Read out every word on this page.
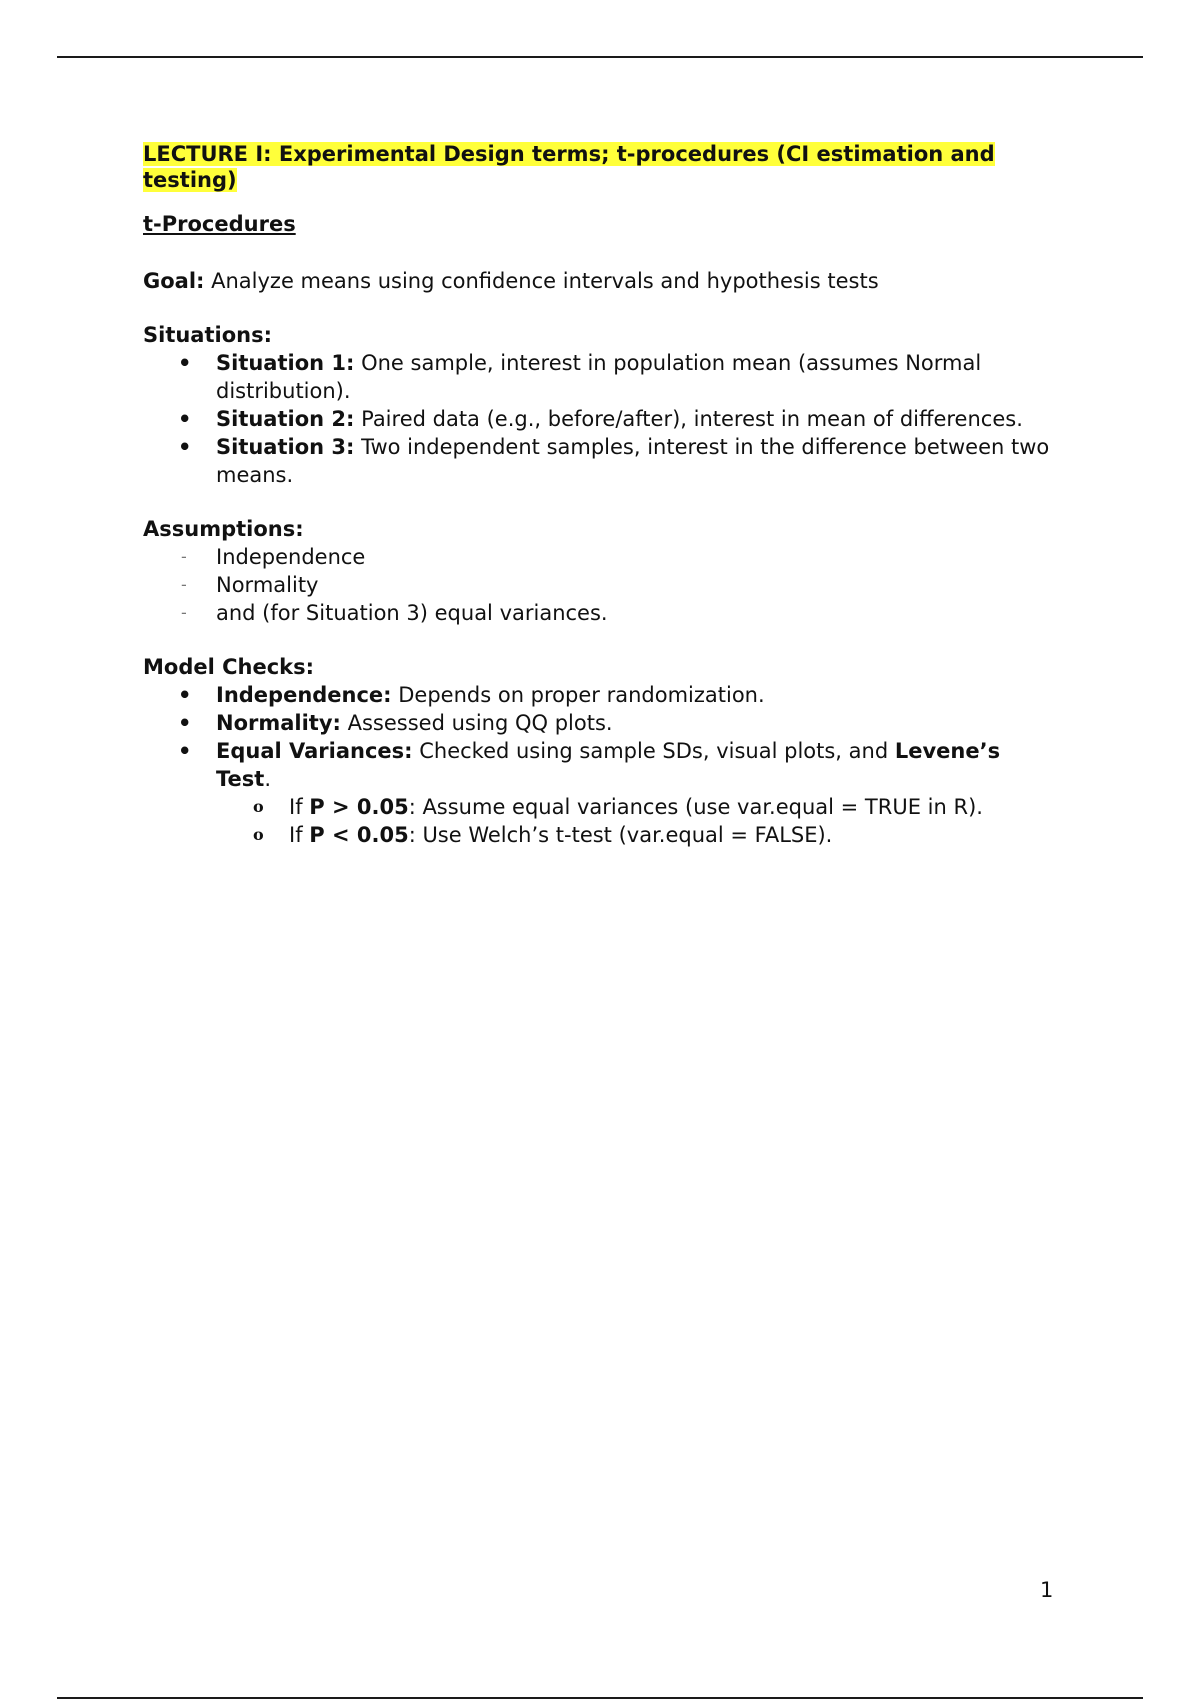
LECTURE I: Experimental Design terms; t-procedures (CI estimation and testing)

t-Procedures

Goal: Analyze means using confidence intervals and hypothesis tests

Situations:

• Situation 1: One sample, interest in population mean (assumes Normal distribution).
• Situation 2: Paired data (e.g., before/after), interest in mean of differences.
• Situation 3: Two independent samples, interest in the difference between two means.

Assumptions:

- Independence
- Normality
- and (for Situation 3) equal variances.

Model Checks:

• Independence: Depends on proper randomization.
• Normality: Assessed using QQ plots.
• Equal Variances: Checked using sample SDs, visual plots, and Levene’s Test.
o If P > 0.05: Assume equal variances (use var.equal = TRUE in R).
o If P < 0.05: Use Welch’s t-test (var.equal = FALSE).
1
